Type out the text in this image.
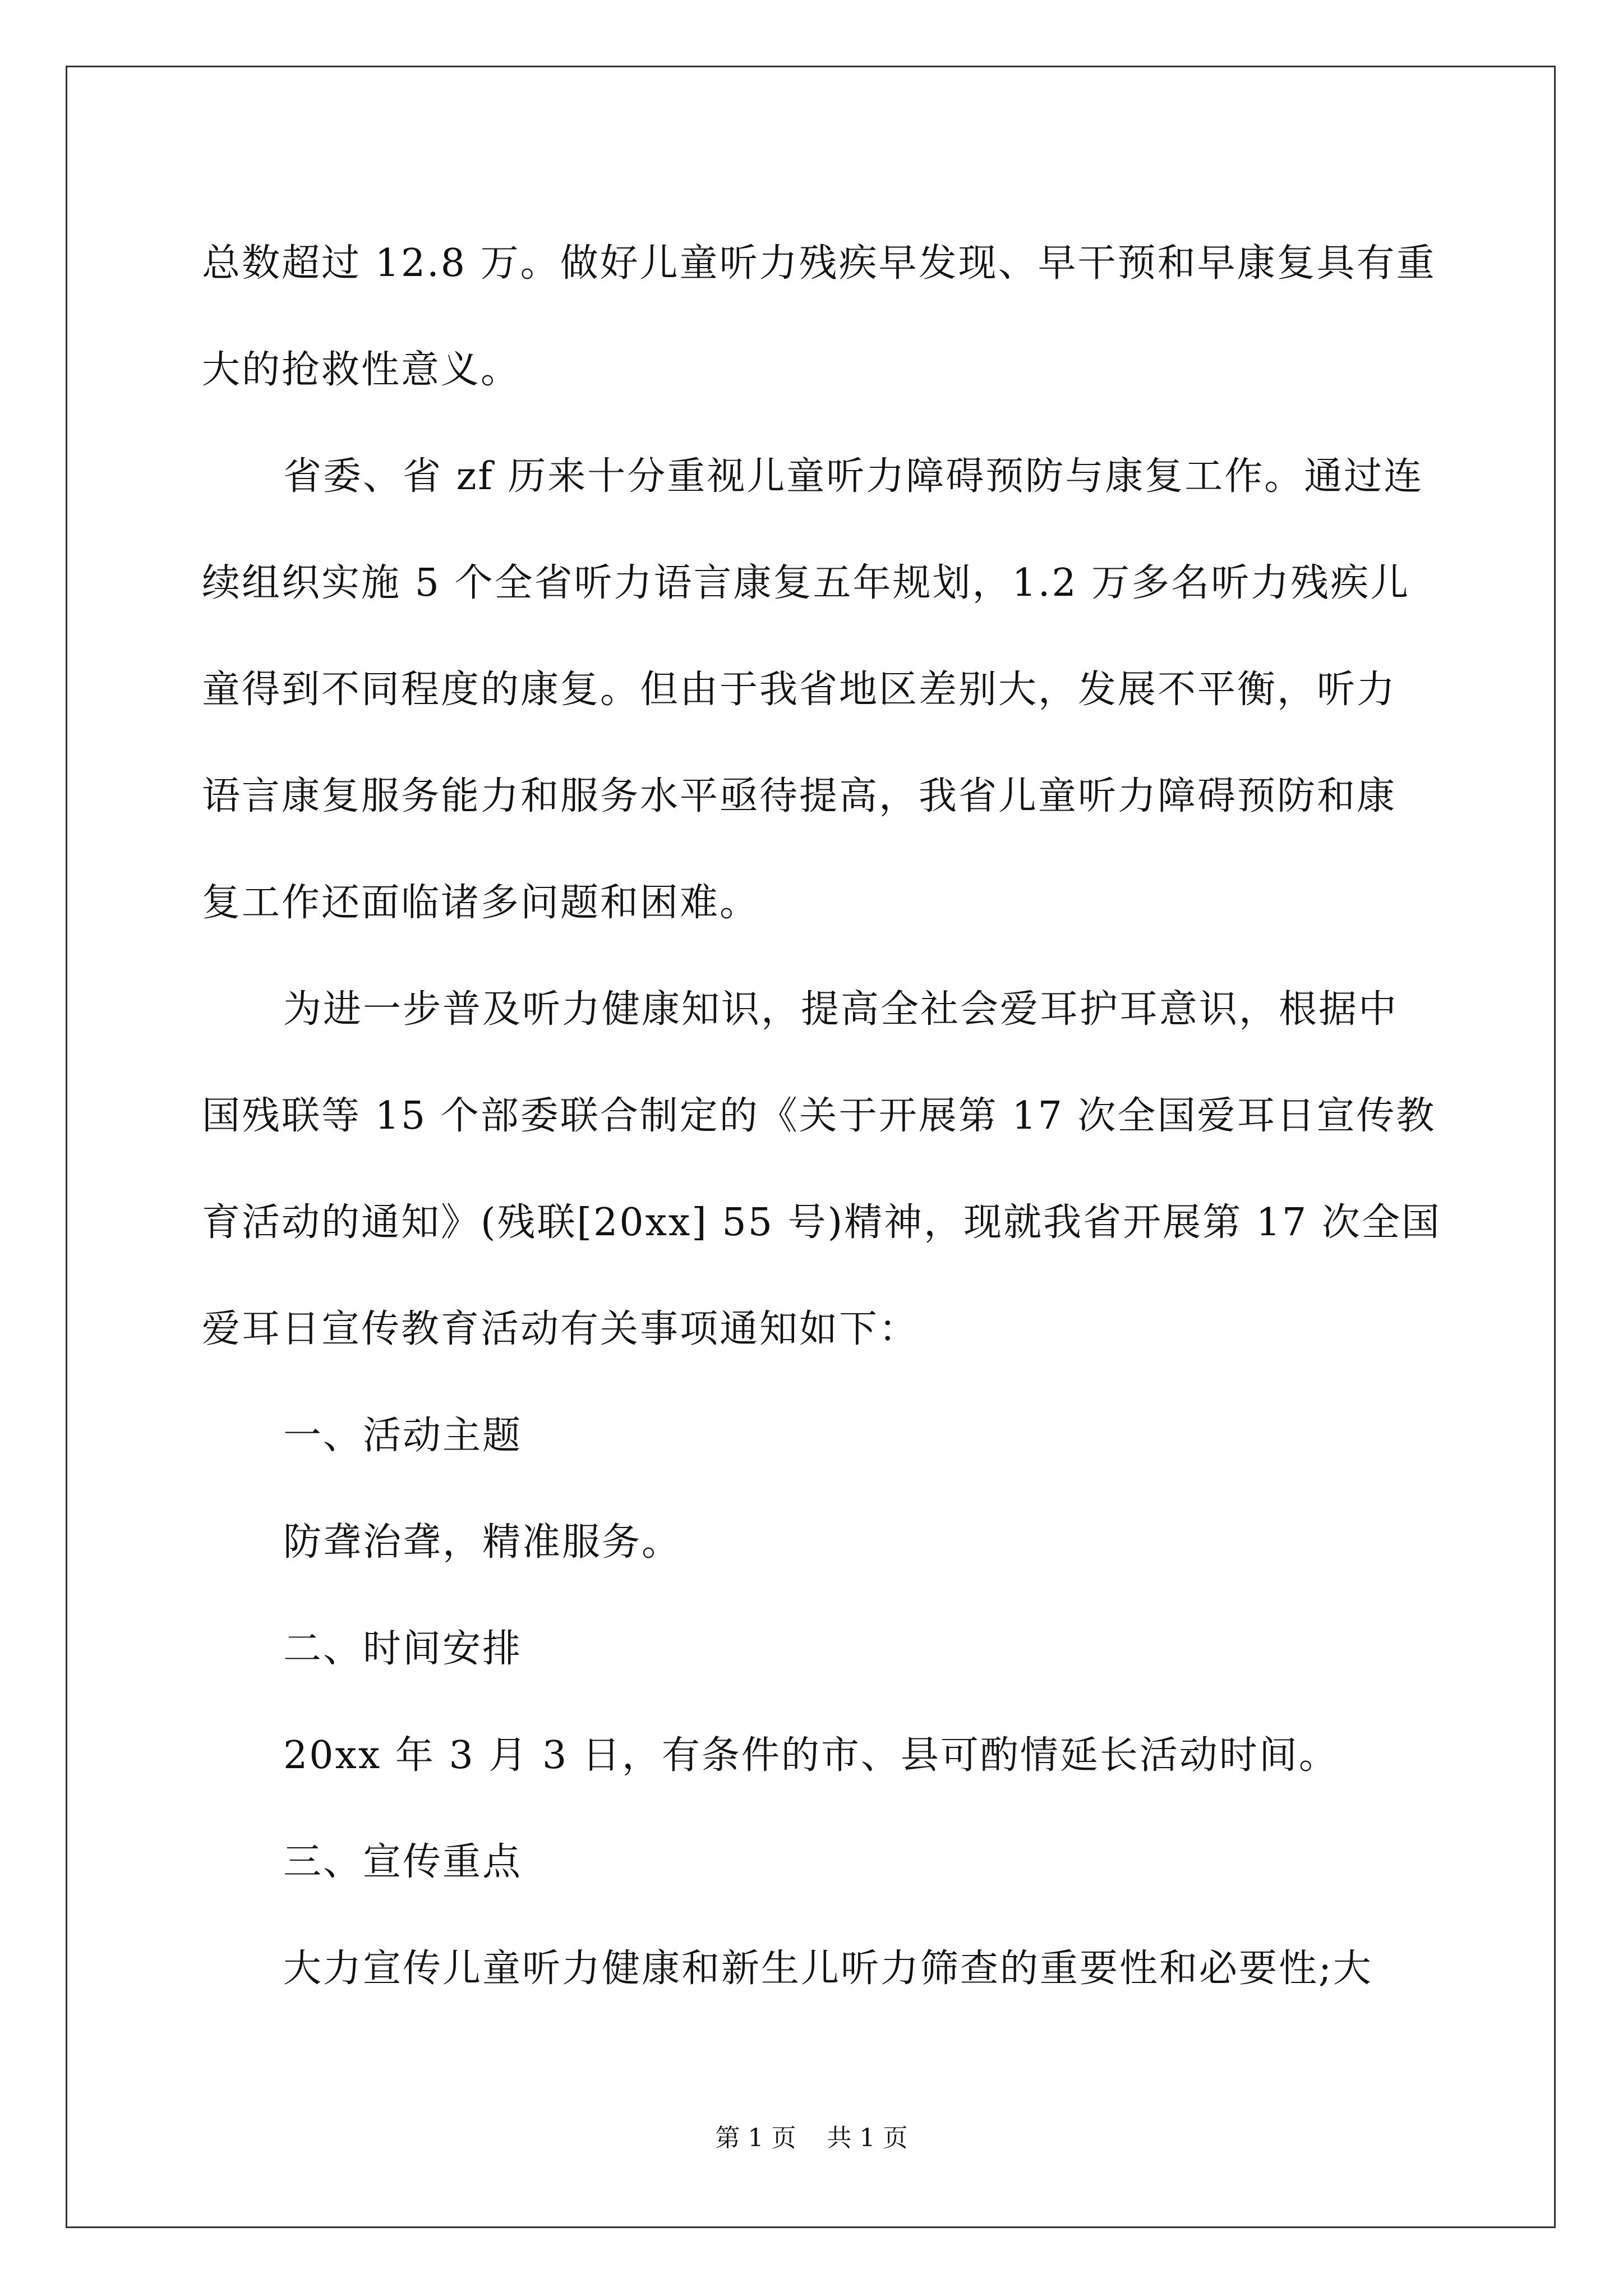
总数超过 12.8 万。做好儿童听力残疾早发现、早干预和早康复具有重
大的抢救性意义。
省委、省 zf 历来十分重视儿童听力障碍预防与康复工作。通过连
续组织实施 5 个全省听力语言康复五年规划，1.2 万多名听力残疾儿
童得到不同程度的康复。但由于我省地区差别大，发展不平衡，听力
语言康复服务能力和服务水平亟待提高，我省儿童听力障碍预防和康
复工作还面临诸多问题和困难。
为进一步普及听力健康知识，提高全社会爱耳护耳意识，根据中
国残联等 15 个部委联合制定的《关于开展第 17 次全国爱耳日宣传教
育活动的通知》(残联[20xx] 55 号)精神，现就我省开展第 17 次全国
爱耳日宣传教育活动有关事项通知如下：
一、活动主题
防聋治聋，精准服务。
二、时间安排
20xx 年 3 月 3 日，有条件的市、县可酌情延长活动时间。
三、宣传重点
大力宣传儿童听力健康和新生儿听力筛查的重要性和必要性;大
第 1 页 共 1 页
